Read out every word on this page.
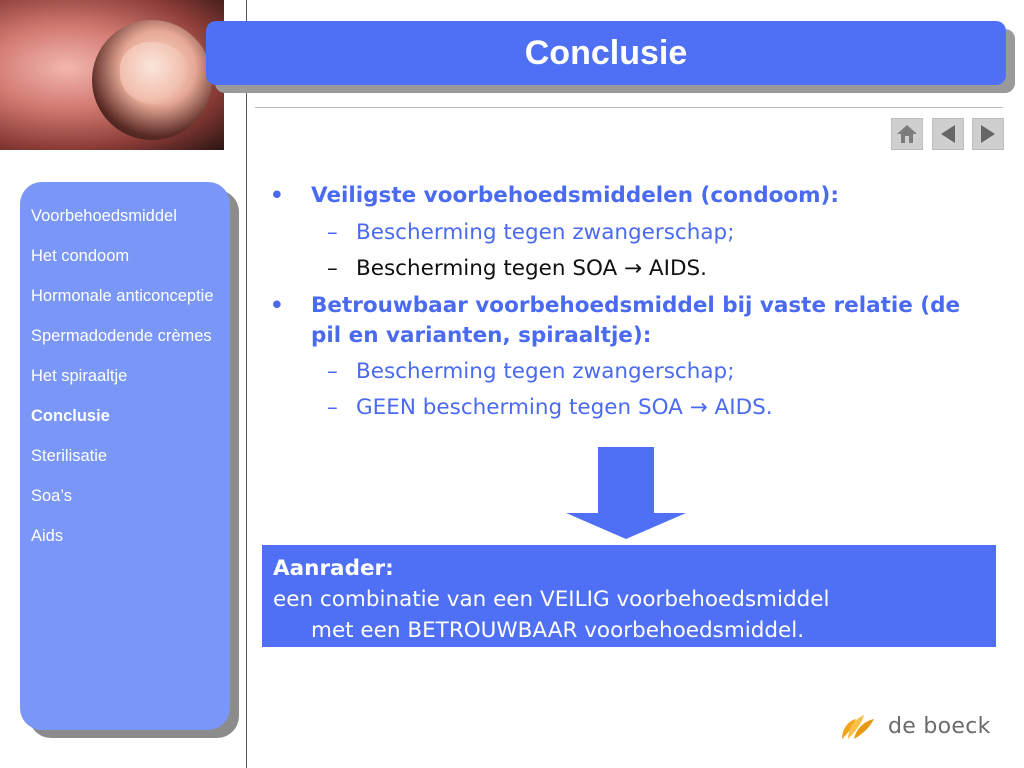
Conclusie
Voorbehoedsmiddel
Het condoom
Hormonale anticonceptie
Spermadodende crèmes
Het spiraaltje
Conclusie
Sterilisatie
Soa’s
Aids
• Veiligste voorbehoedsmiddelen (condoom):
– Bescherming tegen zwangerschap;
– Bescherming tegen SOA → AIDS.
• Betrouwbaar voorbehoedsmiddel bij vaste relatie (de pil en varianten, spiraaltje):
– Bescherming tegen zwangerschap;
– GEEN bescherming tegen SOA → AIDS.
Aanrader:
een combinatie van een VEILIG voorbehoedsmiddel
met een BETROUWBAAR voorbehoedsmiddel.
de boeck
